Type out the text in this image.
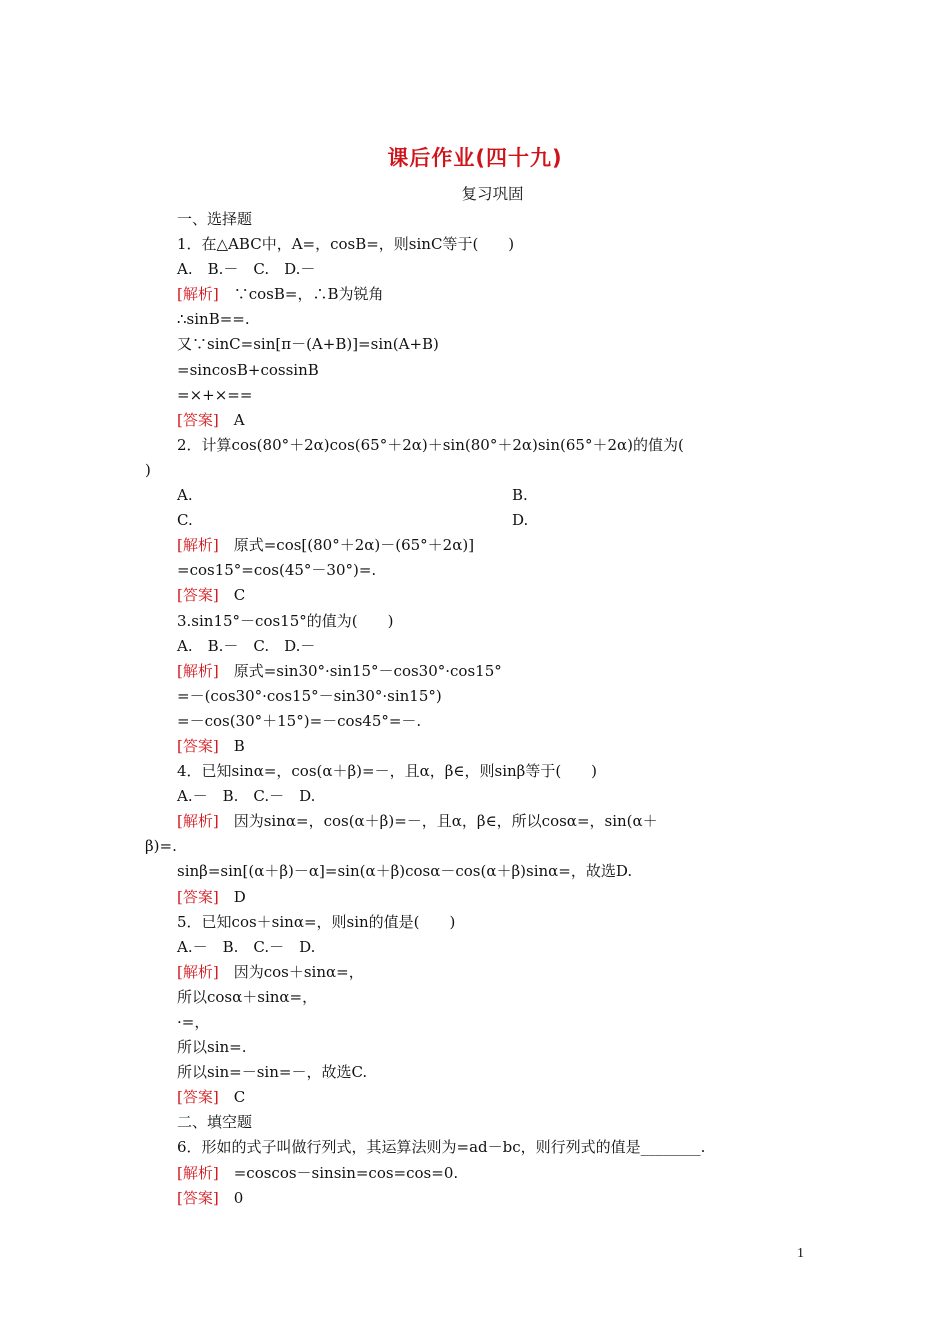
课后作业(四十九)
复习巩固
一、选择题
1．在△ABC中，A=，cosB=，则sinC等于(　　)
A.　B.－　C.　D.－
[解析]　∵cosB=，∴B为锐角
∴sinB==.
又∵sinC=sin[π－(A+B)]=sin(A+B)
=sincosB+cossinB
=×+×==
[答案]　A
2．计算cos(80°＋2α)cos(65°＋2α)＋sin(80°＋2α)sin(65°＋2α)的值为(
)
A.	B.
C.	D.
[解析]　原式=cos[(80°＋2α)－(65°＋2α)]
=cos15°=cos(45°－30°)=.
[答案]　C
3.sin15°－cos15°的值为(　　)
A.　B.－　C.　D.－
[解析]　原式=sin30°·sin15°－cos30°·cos15°
=－(cos30°·cos15°－sin30°·sin15°)
=－cos(30°＋15°)=－cos45°=－.
[答案]　B
4．已知sinα=，cos(α＋β)=－，且α，β∈，则sinβ等于(　　)
A.－　B.　C.－　D.
[解析]　因为sinα=，cos(α＋β)=－，且α，β∈，所以cosα=，sin(α＋
β)=.
sinβ=sin[(α＋β)－α]=sin(α＋β)cosα－cos(α＋β)sinα=，故选D.
[答案]　D
5．已知cos＋sinα=，则sin的值是(　　)
A.－　B.　C.－　D.
[解析]　因为cos＋sinα=，
所以cosα＋sinα=，
·=，
所以sin=.
所以sin=－sin=－，故选C.
[答案]　C
二、填空题
6．形如的式子叫做行列式，其运算法则为=ad－bc，则行列式的值是________.
[解析]　=coscos－sinsin=cos=cos=0.
[答案]　0
1
